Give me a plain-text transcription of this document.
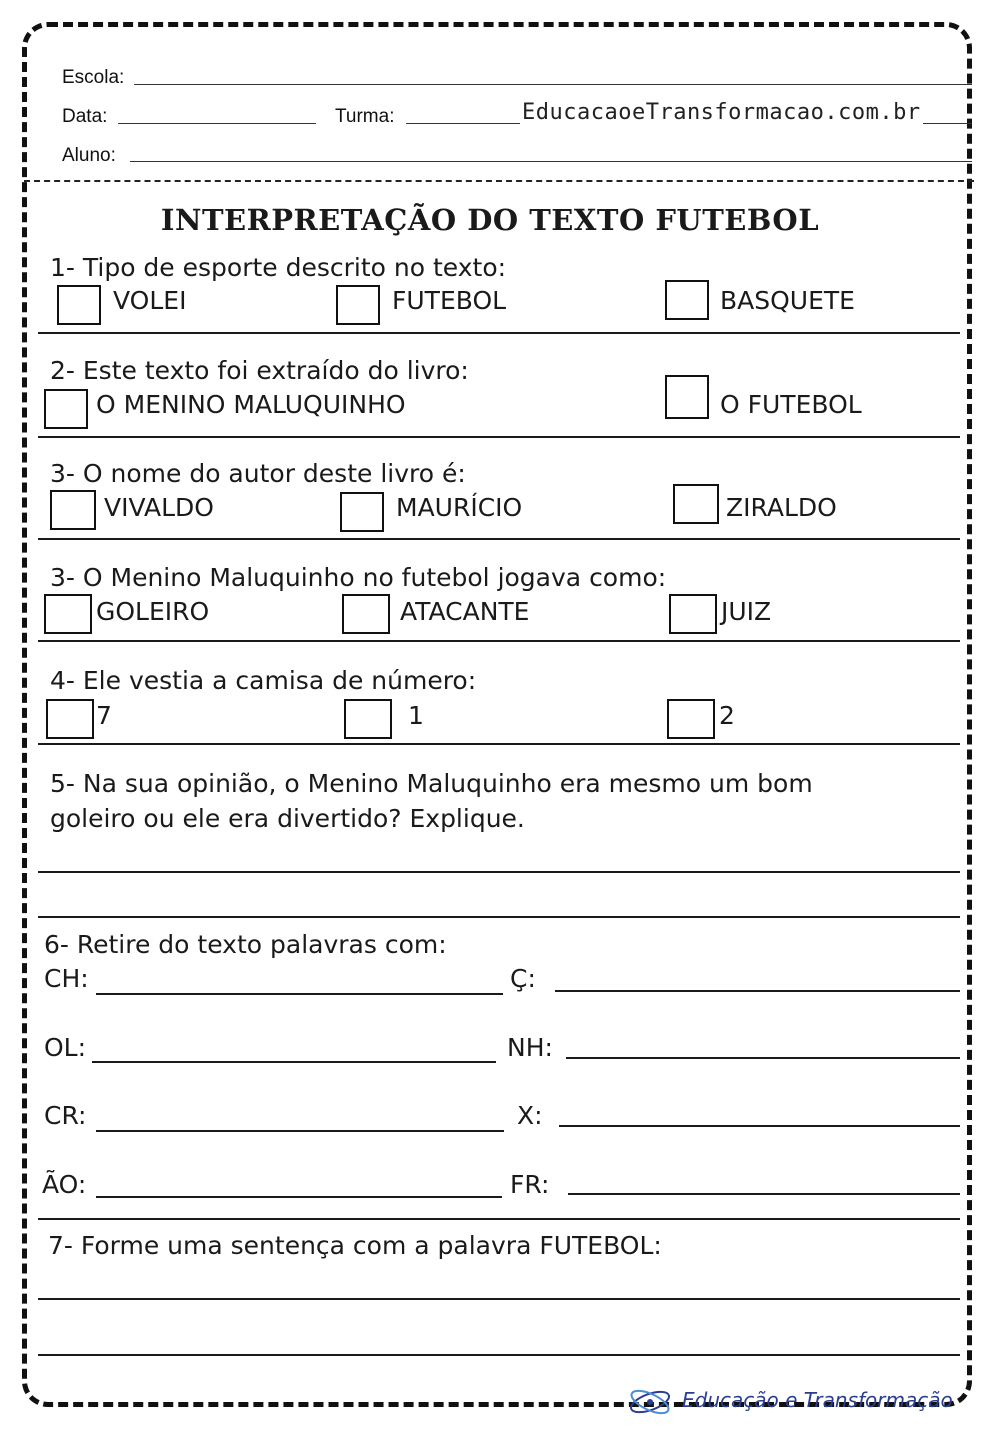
Escola:
Data:	Turma:	EducacaoeTransformacao.com.br
Aluno:
INTERPRETAÇÃO DO TEXTO FUTEBOL
1- Tipo de esporte descrito no texto:
VOLEI	FUTEBOL	BASQUETE
2- Este texto foi extraído do livro:
O MENINO MALUQUINHO	O FUTEBOL
3- O nome do autor deste livro é:
VIVALDO	MAURÍCIO	ZIRALDO
3- O Menino Maluquinho no futebol jogava como:
GOLEIRO	ATACANTE	JUIZ
4- Ele vestia a camisa de número:
7	1	2
5- Na sua opinião, o Menino Maluquinho era mesmo um bom
goleiro ou ele era divertido? Explique.
6- Retire do texto palavras com:
CH:	Ç:
OL:	NH:
CR:	X:
ÃO:	FR:
7- Forme uma sentença com a palavra FUTEBOL:
Educação e Transformação
